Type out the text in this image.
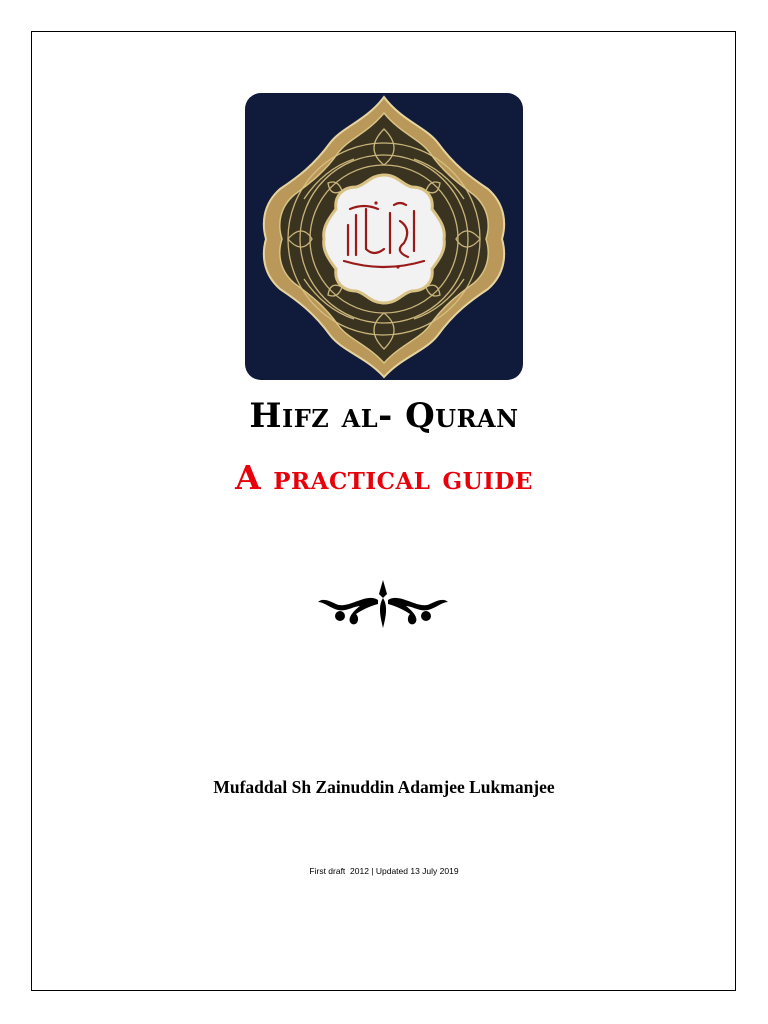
Hifz al- Quran
A practical guide
Mufaddal Sh Zainuddin Adamjee Lukmanjee
First draft  2012 | Updated 13 July 2019
